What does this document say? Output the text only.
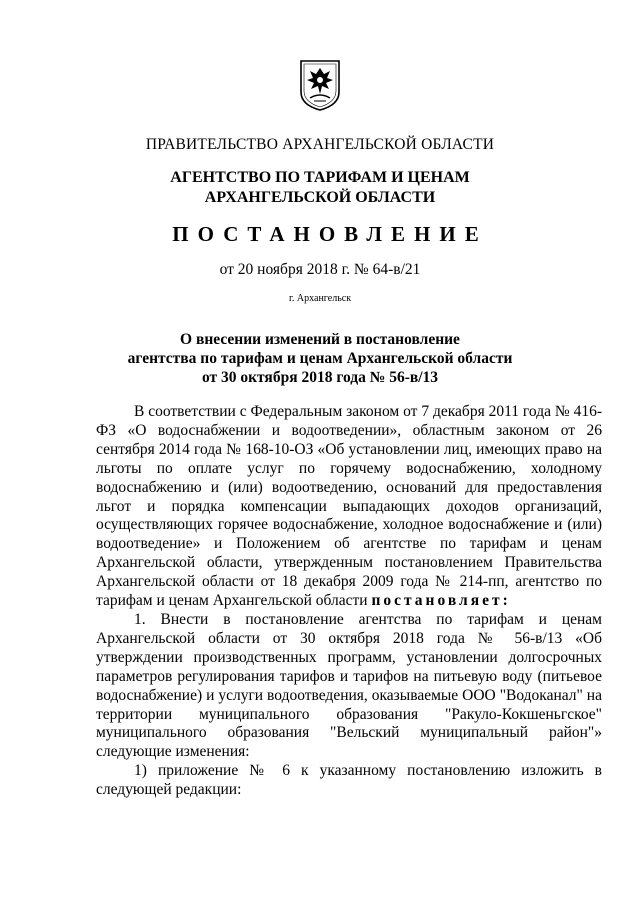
ПРАВИТЕЛЬСТВО АРХАНГЕЛЬСКОЙ ОБЛАСТИ
АГЕНТСТВО ПО ТАРИФАМ И ЦЕНАМ
АРХАНГЕЛЬСКОЙ ОБЛАСТИ
ПОСТАНОВЛЕНИЕ
от 20 ноября 2018 г. № 64-в/21
г. Архангельск
О внесении изменений в постановление
агентства по тарифам и ценам Архангельской области
от 30 октября 2018 года № 56-в/13

В соответствии с Федеральным законом от 7 декабря 2011 года № 416-ФЗ «О водоснабжении и водоотведении», областным законом от 26 сентября 2014 года № 168-10-ОЗ «Об установлении лиц, имеющих право на льготы по оплате услуг по горячему водоснабжению, холодному водоснабжению и (или) водоотведению, оснований для предоставления льгот и порядка компенсации выпадающих доходов организаций, осуществляющих горячее водоснабжение, холодное водоснабжение и (или) водоотведение» и Положением об агентстве по тарифам и ценам Архангельской области, утвержденным постановлением Правительства Архангельской области от 18 декабря 2009 года № 214-пп, агентство по тарифам и ценам Архангельской области постановляет:

1. Внести в постановление агентства по тарифам и ценам Архангельской области от 30 октября 2018 года № 56-в/13 «Об утверждении производственных программ, установлении долгосрочных параметров регулирования тарифов и тарифов на питьевую воду (питьевое водоснабжение) и услуги водоотведения, оказываемые ООО "Водоканал" на территории муниципального образования "Ракуло-Кокшеньгское" муниципального образования "Вельский муниципальный район"» следующие изменения:

1) приложение № 6 к указанному постановлению изложить в следующей редакции:
